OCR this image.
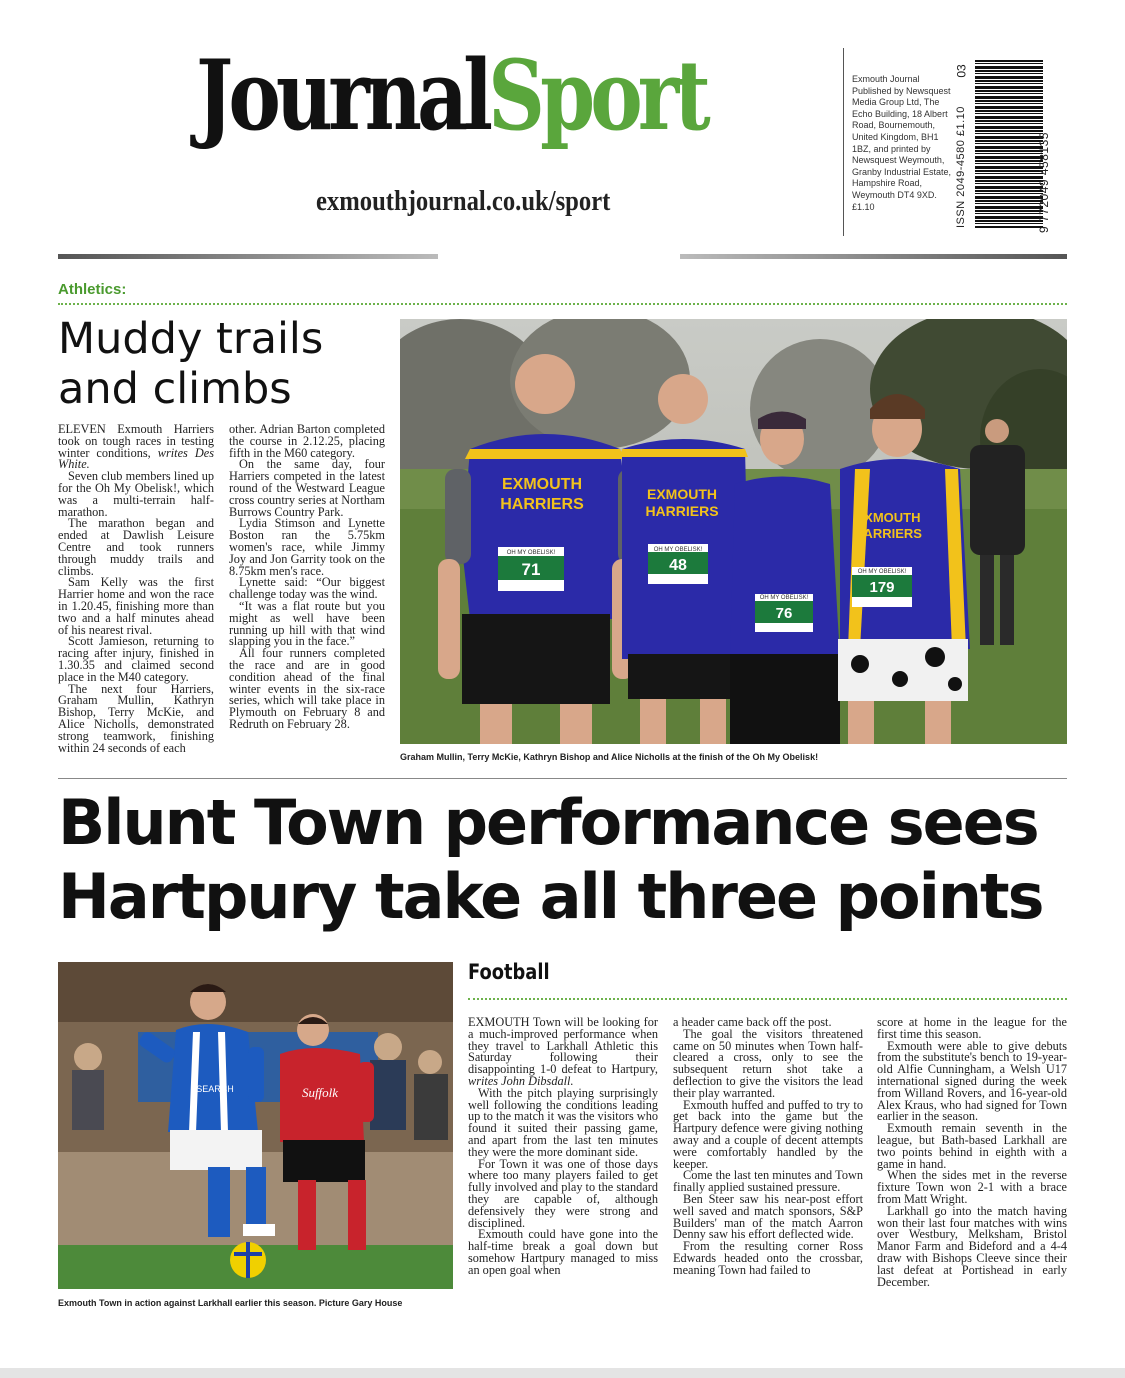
JournalSport
exmouthjournal.co.uk/sport
Exmouth Journal Published by Newsquest Media Group Ltd, The Echo Building, 18 Albert Road, Bournemouth, United Kingdom, BH1 1BZ, and printed by Newsquest Weymouth, Granby Industrial Estate, Hampshire Road, Weymouth DT4 9XD. £1.10	ISSN 2049-4580 £1.10	9 772049 458135
03
Athletics:
Muddy trails and climbs

ELEVEN Exmouth Harriers took on tough races in testing winter conditions, writes Des White.

Seven club members lined up for the Oh My Obelisk!, which was a multi-terrain half-marathon.

The marathon began and ended at Dawlish Leisure Centre and took runners through muddy trails and climbs.

Sam Kelly was the first Harrier home and won the race in 1.20.45, finishing more than two and a half minutes ahead of his nearest rival.

Scott Jamieson, returning to racing after injury, finished in 1.30.35 and claimed second place in the M40 category.

The next four Harriers, Graham Mullin, Kathryn Bishop, Terry McKie, and Alice Nicholls, demonstrated strong teamwork, finishing within 24 seconds of each

other. Adrian Barton completed the course in 2.12.25, placing fifth in the M60 category.

On the same day, four Harriers competed in the latest round of the Westward League cross country series at Northam Burrows Country Park.

Lydia Stimson and Lynette Boston ran the 5.75km women's race, while Jimmy Joy and Jon Garrity took on the 8.75km men's race.

Lynette said: “Our biggest challenge today was the wind.

“It was a flat route but you might as well have been running up hill with that wind slapping you in the face.”

All four runners completed the race and are in good condition ahead of the final winter events in the six-race series, which will take place in Plymouth on February 8 and Redruth on February 28.

EXMOUTH
HARRIERS
EXMOUTH
HARRIERS	EXMOUTH
HARRIERS
OH MY OBELISK!	OH MY OBELISK!
OH MY OBELISK!
OH MY OBELISK!
71	48
76
179
GRAHAM
TERRY
KATHRYN
ALICE
Graham Mullin, Terry McKie, Kathryn Bishop and Alice Nicholls at the finish of the Oh My Obelisk!
Blunt Town performance sees
Hartpury take all three points
SEARCH	Suffolk
Exmouth Town in action against Larkhall earlier this season. Picture Gary House
Football

EXMOUTH Town will be looking for a much-improved performance when they travel to Larkhall Athletic this Saturday following their disappointing 1-0 defeat to Hartpury, writes John Dibsdall.

With the pitch playing surprisingly well following the conditions leading up to the match it was the visitors who found it suited their passing game, and apart from the last ten minutes they were the more dominant side.

For Town it was one of those days where too many players failed to get fully involved and play to the standard they are capable of, although defensively they were strong and disciplined.

Exmouth could have gone into the half-time break a goal down but somehow Hartpury managed to miss an open goal when

a header came back off the post.

The goal the visitors threatened came on 50 minutes when Town half-cleared a cross, only to see the subsequent return shot take a deflection to give the visitors the lead their play warranted.

Exmouth huffed and puffed to try to get back into the game but the Hartpury defence were giving nothing away and a couple of decent attempts were comfortably handled by the keeper.

Come the last ten minutes and Town finally applied sustained pressure.

Ben Steer saw his near-post effort well saved and match sponsors, S&P Builders' man of the match Aarron Denny saw his effort deflected wide.

From the resulting corner Ross Edwards headed onto the crossbar, meaning Town had failed to

score at home in the league for the first time this season.

Exmouth were able to give debuts from the substitute's bench to 19-year-old Alfie Cunningham, a Welsh U17 international signed during the week from Willand Rovers, and 16-year-old Alex Kraus, who had signed for Town earlier in the season.

Exmouth remain seventh in the league, but Bath-based Larkhall are two points behind in eighth with a game in hand.

When the sides met in the reverse fixture Town won 2-1 with a brace from Matt Wright.

Larkhall go into the match having won their last four matches with wins over Westbury, Melksham, Bristol Manor Farm and Bideford and a 4-4 draw with Bishops Cleeve since their last defeat at Portishead in early December.
